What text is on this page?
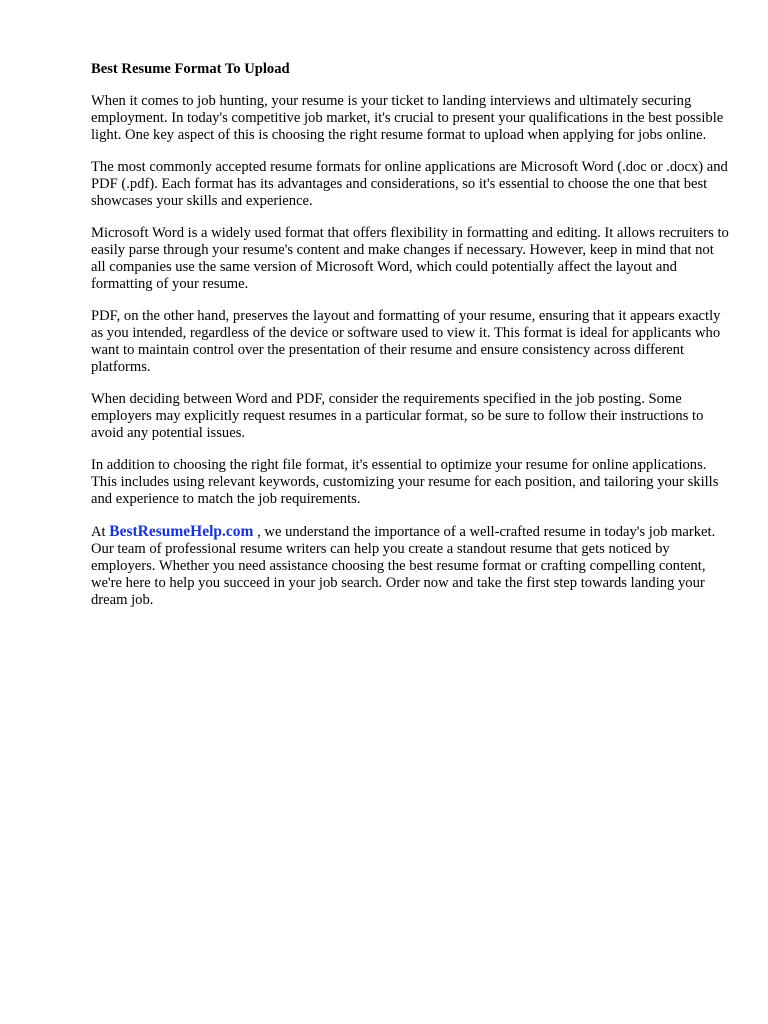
Best Resume Format To Upload

When it comes to job hunting, your resume is your ticket to landing interviews and ultimately securing employment. In today's competitive job market, it's crucial to present your qualifications in the best possible light. One key aspect of this is choosing the right resume format to upload when applying for jobs online.

The most commonly accepted resume formats for online applications are Microsoft Word (.doc or .docx) and PDF (.pdf). Each format has its advantages and considerations, so it's essential to choose the one that best showcases your skills and experience.

Microsoft Word is a widely used format that offers flexibility in formatting and editing. It allows recruiters to easily parse through your resume's content and make changes if necessary. However, keep in mind that not all companies use the same version of Microsoft Word, which could potentially affect the layout and formatting of your resume.

PDF, on the other hand, preserves the layout and formatting of your resume, ensuring that it appears exactly as you intended, regardless of the device or software used to view it. This format is ideal for applicants who want to maintain control over the presentation of their resume and ensure consistency across different platforms.

When deciding between Word and PDF, consider the requirements specified in the job posting. Some employers may explicitly request resumes in a particular format, so be sure to follow their instructions to avoid any potential issues.

In addition to choosing the right file format, it's essential to optimize your resume for online applications. This includes using relevant keywords, customizing your resume for each position, and tailoring your skills and experience to match the job requirements.

At BestResumeHelp.com , we understand the importance of a well-crafted resume in today's job market. Our team of professional resume writers can help you create a standout resume that gets noticed by employers. Whether you need assistance choosing the best resume format or crafting compelling content, we're here to help you succeed in your job search. Order now and take the first step towards landing your dream job.
